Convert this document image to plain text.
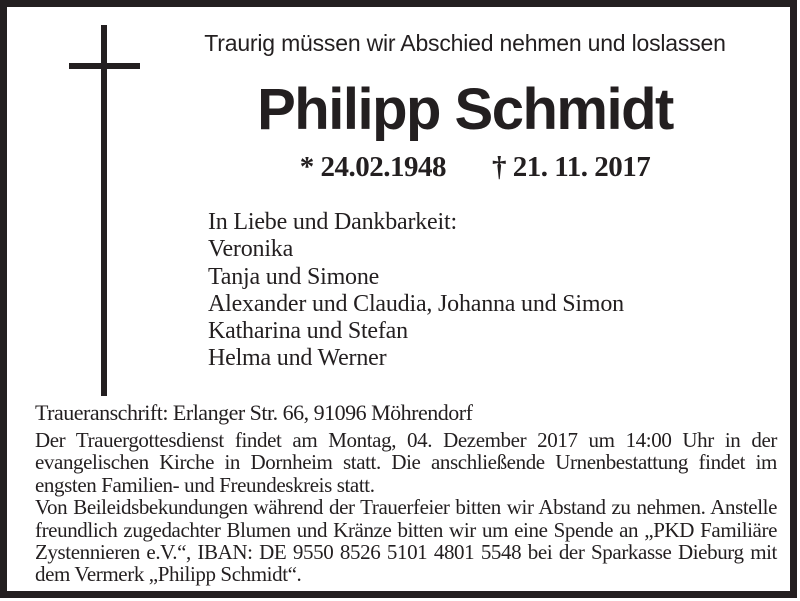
Traurig müssen wir Abschied nehmen und loslassen
Philipp Schmidt
* 24.02.1948 † 21. 11. 2017
In Liebe und Dankbarkeit:
Veronika
Tanja und Simone
Alexander und Claudia, Johanna und Simon
Katharina und Stefan
Helma und Werner
Traueranschrift: Erlanger Str. 66, 91096 Möhrendorf

Der Trauergottesdienst findet am Montag, 04. Dezember 2017 um 14:00 Uhr in der evangelischen Kirche in Dornheim statt. Die anschließende Urnenbestattung findet im engsten Familien- und Freundeskreis statt.

Von Beileidsbekundungen während der Trauerfeier bitten wir Abstand zu nehmen. Anstelle freundlich zugedachter Blumen und Kränze bitten wir um eine Spende an „PKD Familiäre Zystennieren e.V.“, IBAN: DE 9550 8526 5101 4801 5548 bei der Sparkasse Dieburg mit dem Vermerk „Philipp Schmidt“.
